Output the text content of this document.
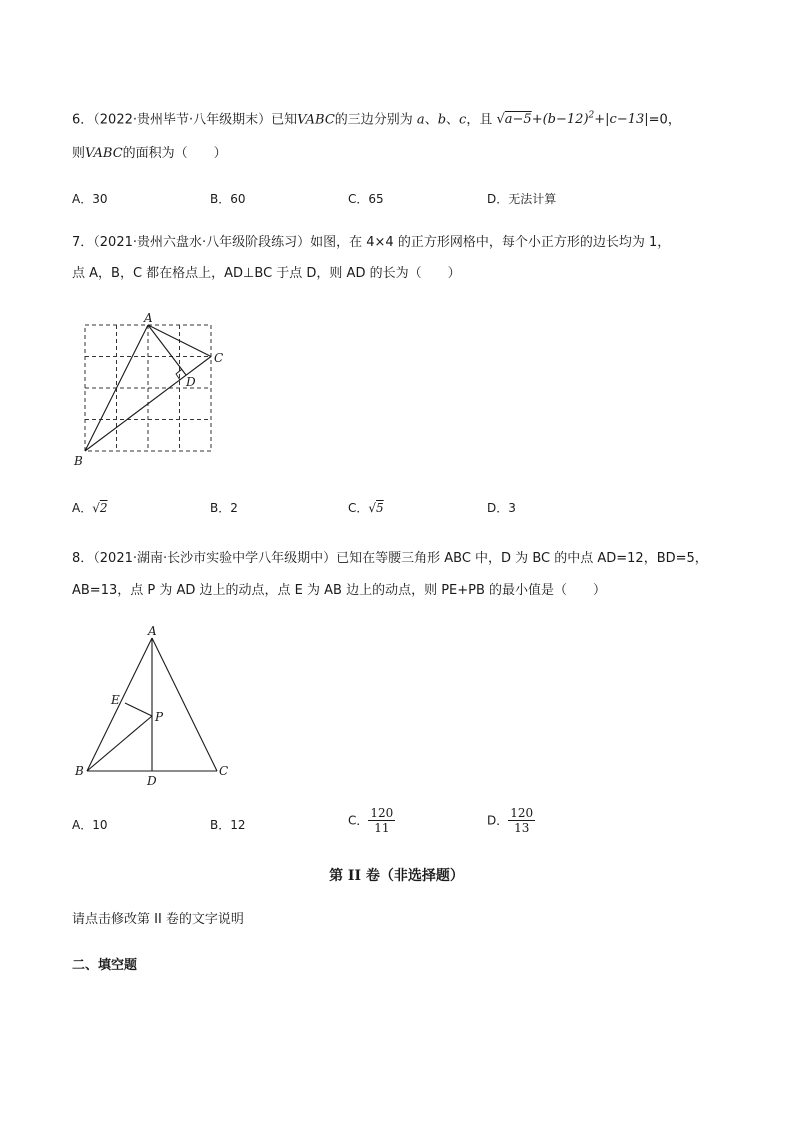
6．（2022·贵州毕节·八年级期末）已知VABC的三边分别为 a、b、c，且 $√a-5+(b-12)^2+|c-13|=0$，
则VABC的面积为（　　）
A．30	B．60	C．65	D．无法计算
7．（2021·贵州六盘水·八年级阶段练习）如图，在 4×4 的正方形网格中，每个小正方形的边长均为 1，
点 A，B，C 都在格点上，AD⊥BC 于点 D，则 AD 的长为（　　）
A
B
C
D
A．√2	B．2	C．√5	D．3
8．（2021·湖南·长沙市实验中学八年级期中）已知在等腰三角形 ABC 中，D 为 BC 的中点 AD=12，BD=5，
AB=13，点 P 为 AD 边上的动点，点 E 为 AB 边上的动点，则 PE+PB 的最小值是（　　）
A
B	C
D
E
P
A．10	B．12	C． $\frac{120}{11}$	D． $\frac{120}{13}$
第 II 卷（非选择题）
请点击修改第 II 卷的文字说明
二、填空题
